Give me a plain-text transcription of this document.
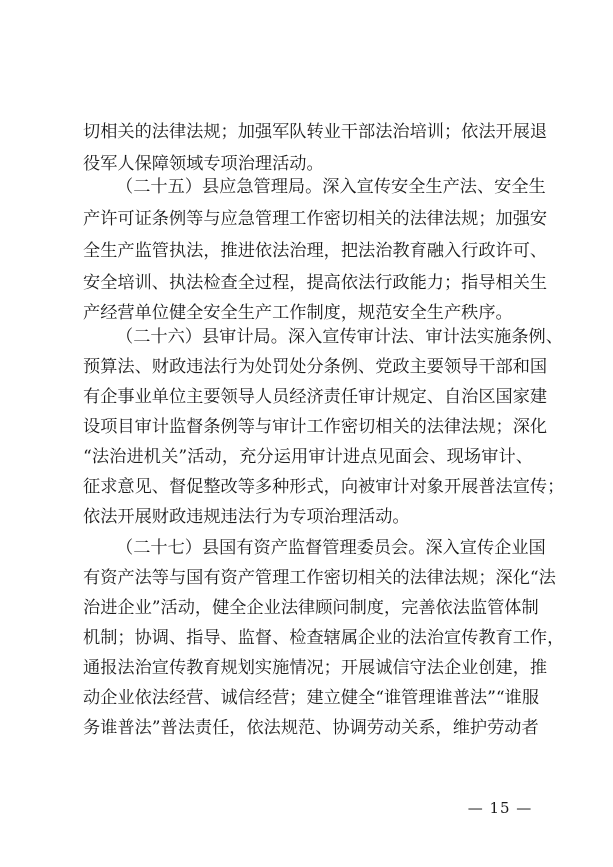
切相关的法律法规；加强军队转业干部法治培训；依法开展退
役军人保障领域专项治理活动。
（二十五）县应急管理局。深入宣传安全生产法、安全生
产许可证条例等与应急管理工作密切相关的法律法规；加强安
全生产监管执法，推进依法治理，把法治教育融入行政许可、
安全培训、执法检查全过程，提高依法行政能力；指导相关生
产经营单位健全安全生产工作制度，规范安全生产秩序。
（二十六）县审计局。深入宣传审计法、审计法实施条例、
预算法、财政违法行为处罚处分条例、党政主要领导干部和国
有企事业单位主要领导人员经济责任审计规定、自治区国家建
设项目审计监督条例等与审计工作密切相关的法律法规；深化
“法治进机关”活动，充分运用审计进点见面会、现场审计、
征求意见、督促整改等多种形式，向被审计对象开展普法宣传；
依法开展财政违规违法行为专项治理活动。
（二十七）县国有资产监督管理委员会。深入宣传企业国
有资产法等与国有资产管理工作密切相关的法律法规；深化“法
治进企业”活动，健全企业法律顾问制度，完善依法监管体制
机制；协调、指导、监督、检查辖属企业的法治宣传教育工作，
通报法治宣传教育规划实施情况；开展诚信守法企业创建，推
动企业依法经营、诚信经营；建立健全“谁管理谁普法”“谁服
务谁普法”普法责任，依法规范、协调劳动关系，维护劳动者
— 15 —
